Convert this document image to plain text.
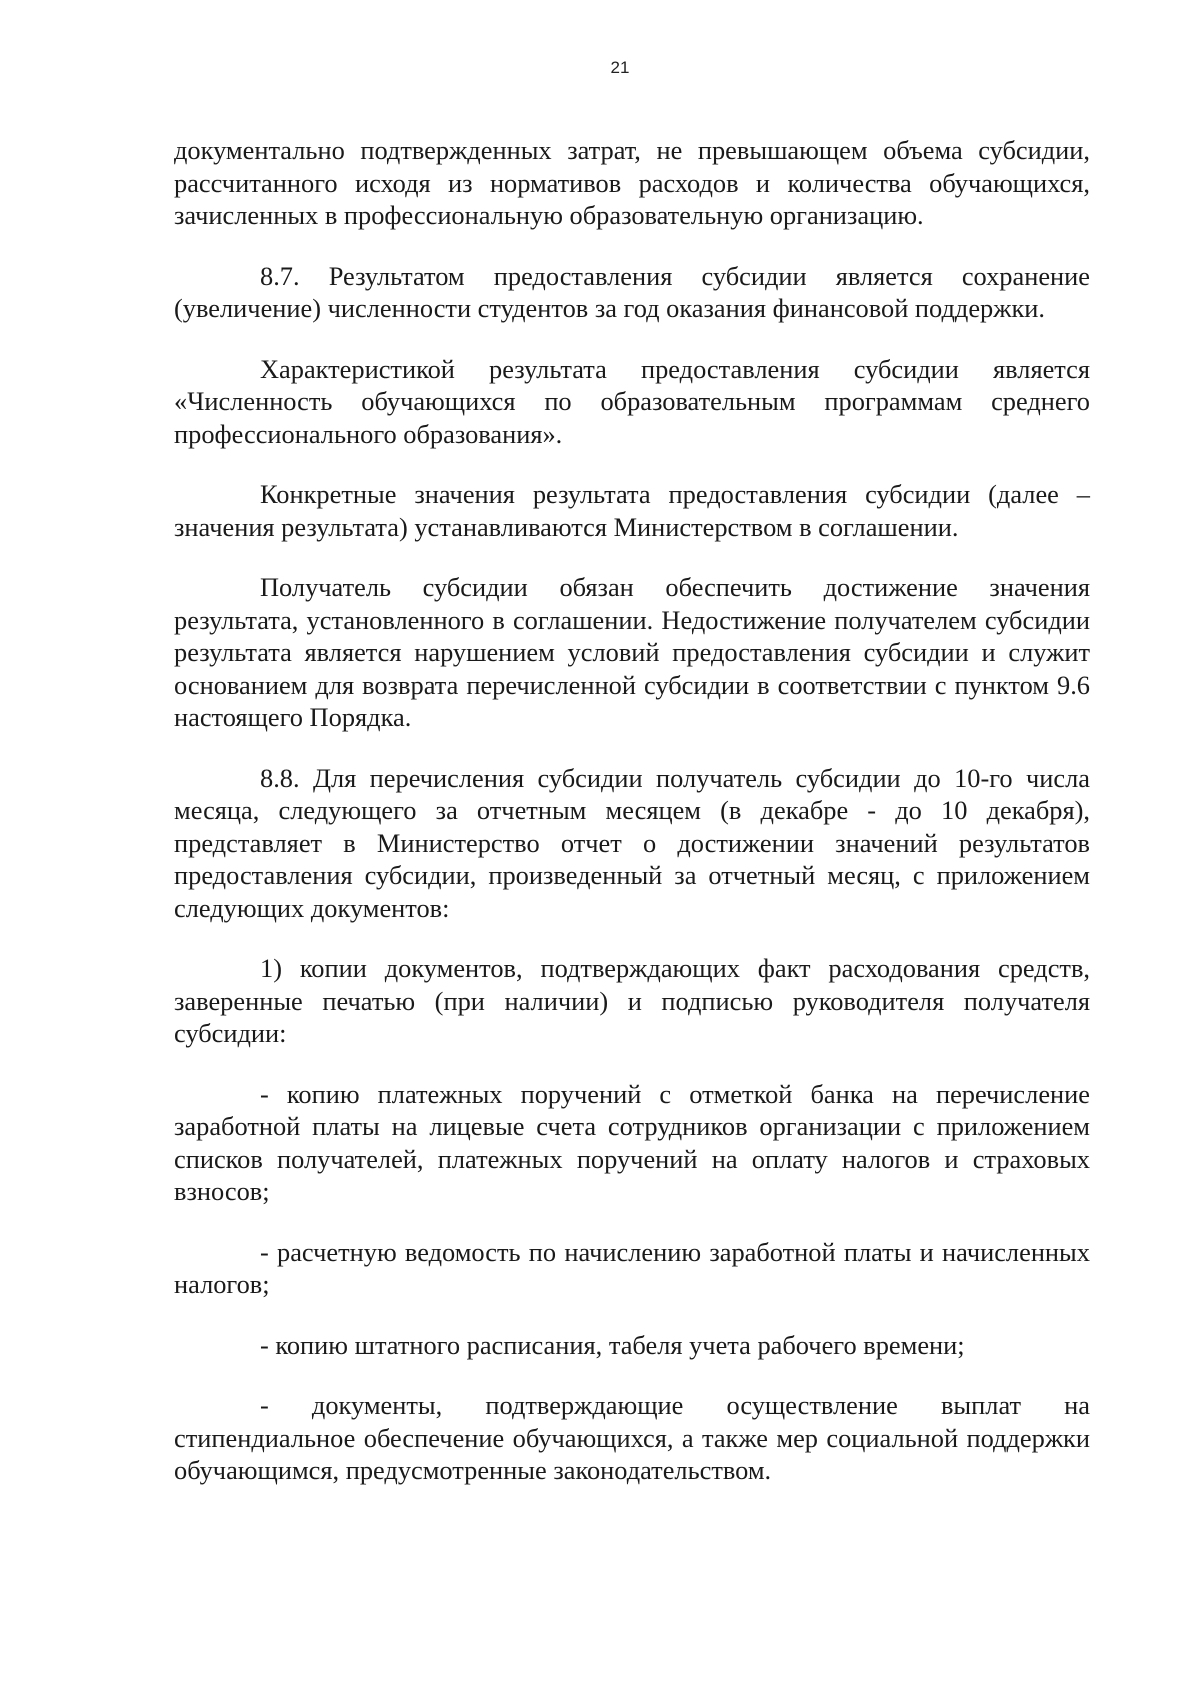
21

документально подтвержденных затрат, не превышающем объема субсидии, рассчитанного исходя из нормативов расходов и количества обучающихся, зачисленных в профессиональную образовательную организацию.

8.7. Результатом предоставления субсидии является сохранение (увеличение) численности студентов за год оказания финансовой поддержки.

Характеристикой результата предоставления субсидии является «Численность обучающихся по образовательным программам среднего профессионального образования».

Конкретные значения результата предоставления субсидии (далее – значения результата) устанавливаются Министерством в соглашении.

Получатель субсидии обязан обеспечить достижение значения результата, установленного в соглашении. Недостижение получателем субсидии результата является нарушением условий предоставления субсидии и служит основанием для возврата перечисленной субсидии в соответствии с пунктом 9.6 настоящего Порядка.

8.8. Для перечисления субсидии получатель субсидии до 10-го числа месяца, следующего за отчетным месяцем (в декабре - до 10 декабря), представляет в Министерство отчет о достижении значений результатов предоставления субсидии, произведенный за отчетный месяц, с приложением следующих документов:

1) копии документов, подтверждающих факт расходования средств, заверенные печатью (при наличии) и подписью руководителя получателя субсидии:

- копию платежных поручений с отметкой банка на перечисление заработной платы на лицевые счета сотрудников организации с приложением списков получателей, платежных поручений на оплату налогов и страховых взносов;

- расчетную ведомость по начислению заработной платы и начисленных налогов;

- копию штатного расписания, табеля учета рабочего времени;

- документы, подтверждающие осуществление выплат на стипендиальное обеспечение обучающихся, а также мер социальной поддержки обучающимся, предусмотренные законодательством.
